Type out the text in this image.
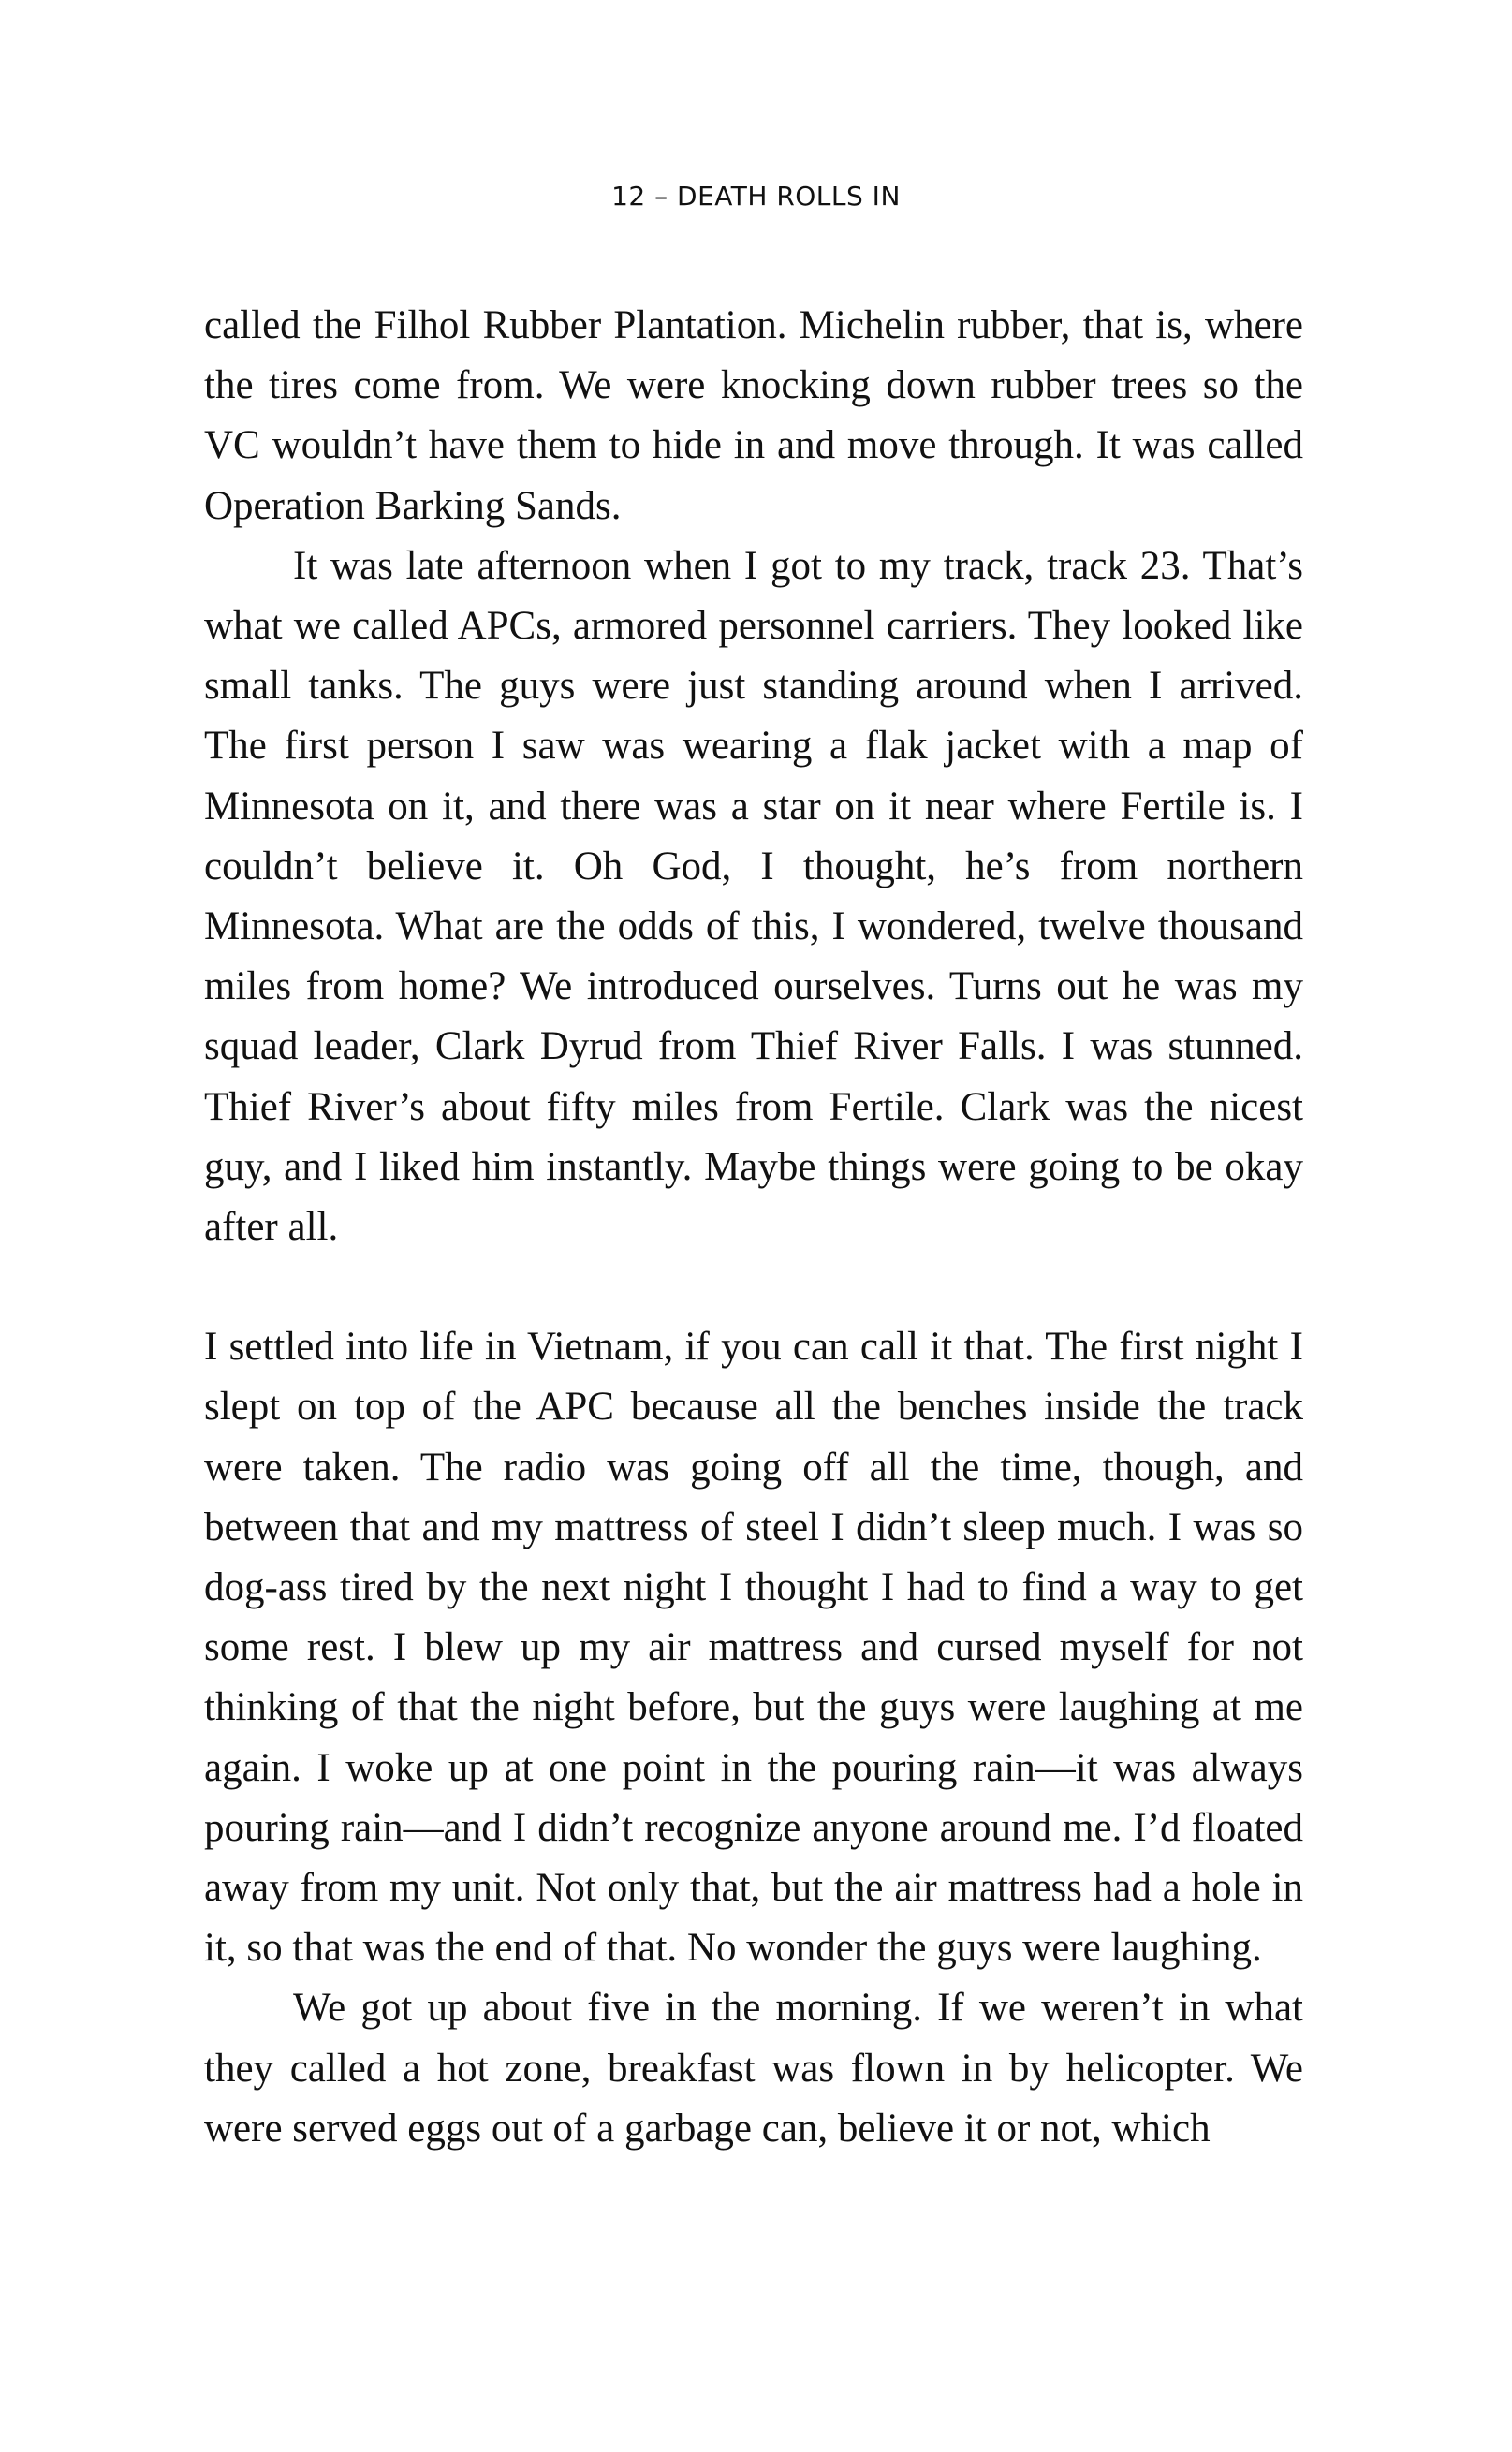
12 – DEATH ROLLS IN

called the Filhol Rubber Plantation. Michelin rubber, that is, where the tires come from. We were knocking down rubber trees so the VC wouldn’t have them to hide in and move through. It was called Operation Barking Sands.

It was late afternoon when I got to my track, track 23. That’s what we called APCs, armored personnel carriers. They looked like small tanks. The guys were just standing around when I arrived. The first person I saw was wearing a flak jacket with a map of Minnesota on it, and there was a star on it near where Fertile is. I couldn’t believe it. Oh God, I thought, he’s from northern Minnesota. What are the odds of this, I wondered, twelve thousand miles from home? We introduced ourselves. Turns out he was my squad leader, Clark Dyrud from Thief River Falls. I was stunned. Thief River’s about fifty miles from Fertile. Clark was the nicest guy, and I liked him instantly. Maybe things were going to be okay after all.

I settled into life in Vietnam, if you can call it that. The first night I slept on top of the APC because all the benches inside the track were taken. The radio was going off all the time, though, and between that and my mattress of steel I didn’t sleep much. I was so dog-ass tired by the next night I thought I had to find a way to get some rest. I blew up my air mattress and cursed myself for not thinking of that the night before, but the guys were laughing at me again. I woke up at one point in the pouring rain—it was always pouring rain—and I didn’t recognize anyone around me. I’d floated away from my unit. Not only that, but the air mattress had a hole in it, so that was the end of that. No wonder the guys were laughing.

We got up about five in the morning. If we weren’t in what they called a hot zone, breakfast was flown in by helicopter. We were served eggs out of a garbage can, believe it or not, which
